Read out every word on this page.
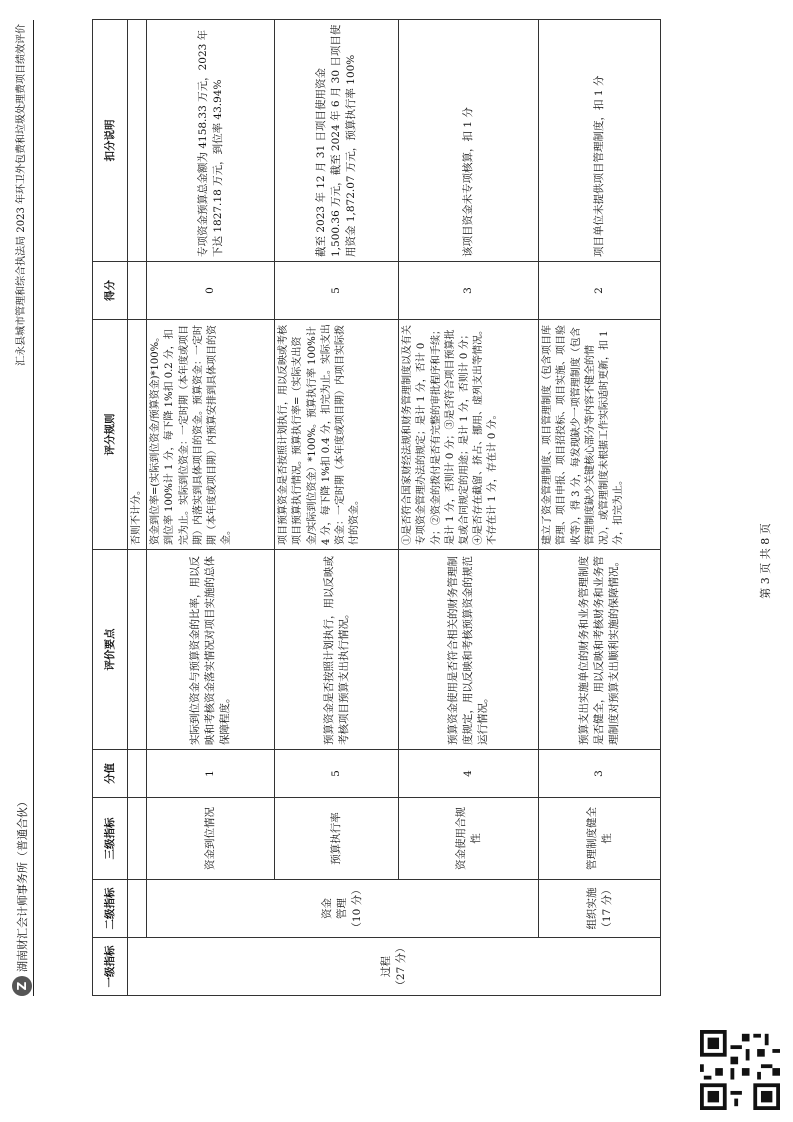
Z
湖南财汇会计师事务所（普通合伙）
汇永县城市管理和综合执法局 2023 年环卫外包费和垃圾处理费项目绩效评价
一级指标	二级指标	三级指标	分值	评价要点	评分规则	得分	扣分说明
过程
（27 分）					否则不计分。		
	资金
管理
（10 分）	资金到位情况	1	实际到位资金与预算资金的比率，用以反映和考核资金落实情况对项目实施的总体保障程度。	资金到位率=(实际到位资金/预算资金)*100%。到位率 100%计 1 分，每下降 1%扣 0.2 分，扣完为止。实际到位资金：一定时期（本年度或项目期）内落实到具体项目的资金。预算资金：一定时期（本年度或项目期）内预算安排到具体项目的资金。	0	专项资金预算总金额为 4158.33 万元，2023 年下达 1827.18 万元，到位率 43.94%
		预算执行率	5	预算资金是否按照计划执行，用以反映或考核项目预算支出执行情况。	项目预算资金是否按照计划执行，用以反映或考核项目预算执行情况。预算执行率=（实际支出资金/实际到位资金）*100%。预算执行率 100%计 4 分，每下降 1%扣 0.4 分，扣完为止。实际支出资金：一定时期（本年度或项目期）内项目实际拨付的资金。	5	截至 2023 年 12 月 31 日项目使用资金 1,500.36 万元，截至 2024 年 6 月 30 日项目使用资金 1,872.07 万元，预算执行率 100%
		资金使用合规性	4	预算资金使用是否符合相关的财务管理制度规定，用以反映和考核预算资金的规范运行情况。	①是否符合国家财经法规和财务管理制度以及有关专项资金管理办法的规定；是计 1 分，否计 0 分；②资金的拨付是否有完整的审批程序和手续；是计 1 分，否则计 0 分；③是否符合项目预算批复或合同规定的用途；是计 1 分，否则计 0 分；④是否存在截留、挤占、挪用、虚列支出等情况。不存在计 1 分，存在计 0 分。	3	该项目资金未专项核算，扣 1 分
	组织实施
（17 分）	管理制度健全性	3	预算支出实施单位的财务和业务管理制度是否健全，用以反映和考核财务和业务管理制度对预算支出顺利实施的保障情况。	建立了资金管理制度、项目管理制度（包含项目库管理、项目申报、项目招投标、项目实施、项目验收等），得 3 分，每发现缺少一项管理制度（包含管理制度缺少关键核心部分等内容不健全的情况），或管理制度未根据工作实际适时更新，扣 1 分，扣完为止。	2	项目单位未提供项目管理制度，扣 1 分
第 3 页 共 8 页
